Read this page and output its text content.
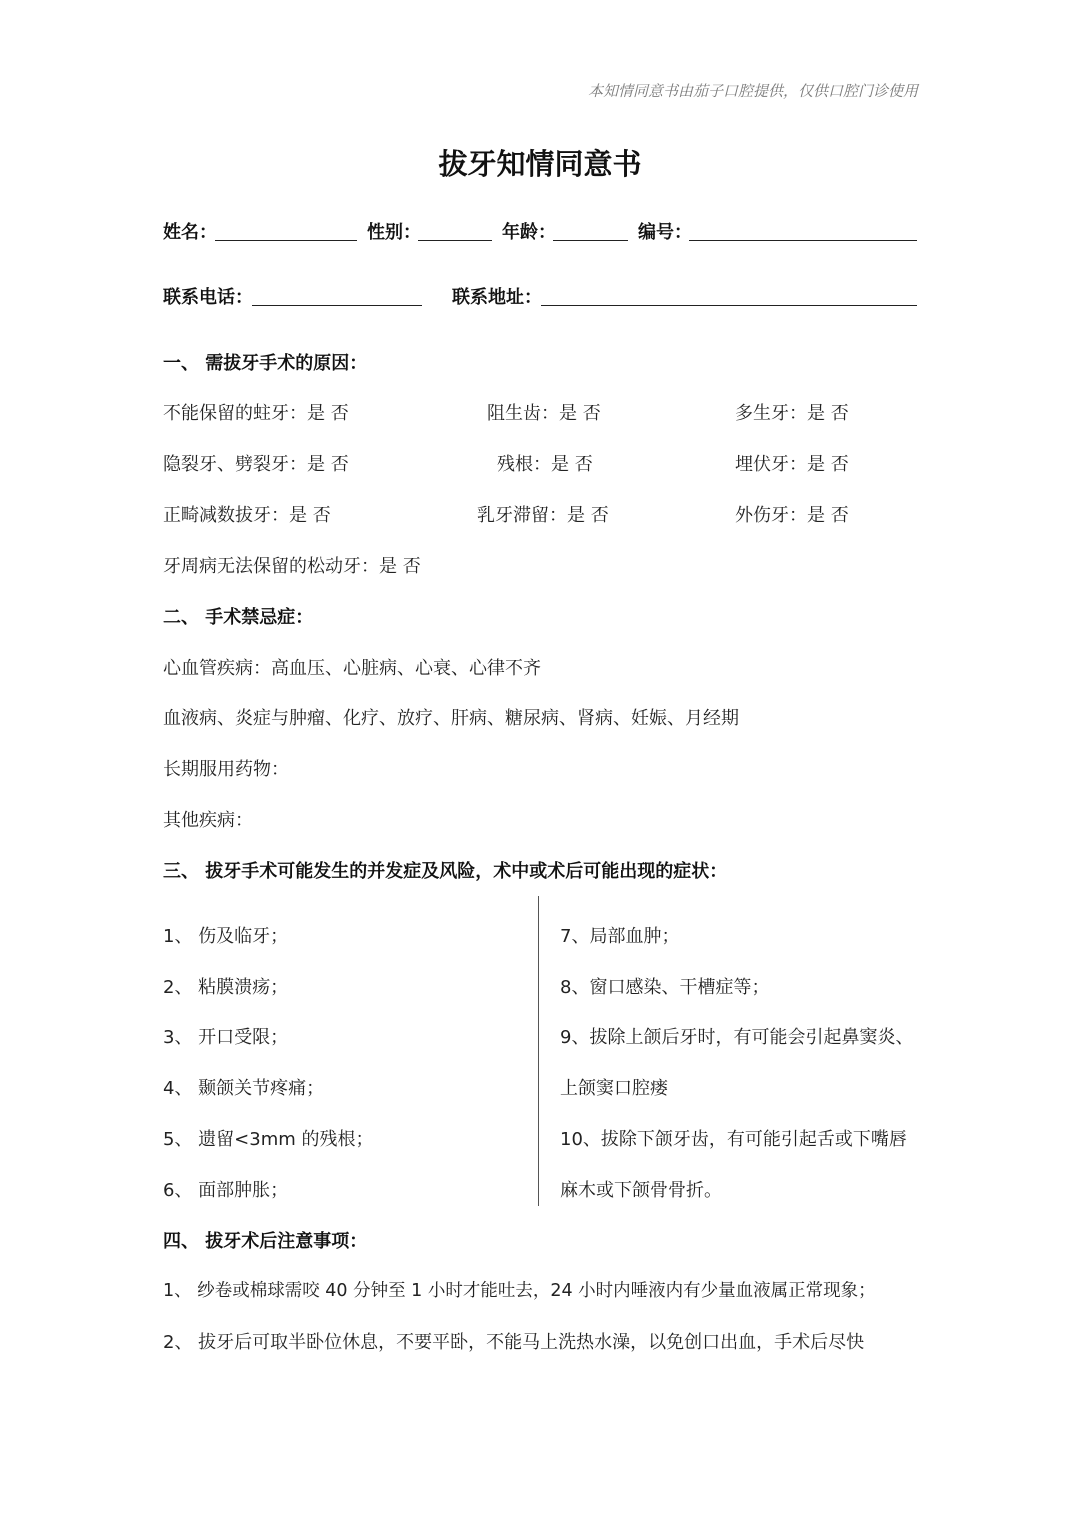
本知情同意书由茄子口腔提供，仅供口腔门诊使用
拔牙知情同意书
姓名：	性别：	年龄：	编号：
联系电话：	联系地址：
一、 需拔牙手术的原因：
不能保留的蛀牙：是 否	阻生齿：是 否	多生牙：是 否
隐裂牙、劈裂牙：是 否	残根：是 否	埋伏牙：是 否
正畸减数拔牙：是 否	乳牙滞留：是 否	外伤牙：是 否
牙周病无法保留的松动牙：是 否
二、 手术禁忌症：
心血管疾病：高血压、心脏病、心衰、心律不齐
血液病、炎症与肿瘤、化疗、放疗、肝病、糖尿病、肾病、妊娠、月经期
长期服用药物：
其他疾病：
三、 拔牙手术可能发生的并发症及风险，术中或术后可能出现的症状：
1、 伤及临牙；
2、 粘膜溃疡；
3、 开口受限；
4、 颞颌关节疼痛；
5、 遗留<3mm 的残根；
6、 面部肿胀；
7、局部血肿；
8、窗口感染、干槽症等；
9、拔除上颌后牙时，有可能会引起鼻窦炎、
上颌窦口腔瘘
10、拔除下颌牙齿，有可能引起舌或下嘴唇
麻木或下颌骨骨折。
四、 拔牙术后注意事项：
1、 纱卷或棉球需咬 40 分钟至 1 小时才能吐去，24 小时内唾液内有少量血液属正常现象；
2、 拔牙后可取半卧位休息，不要平卧，不能马上洗热水澡，以免创口出血，手术后尽快
